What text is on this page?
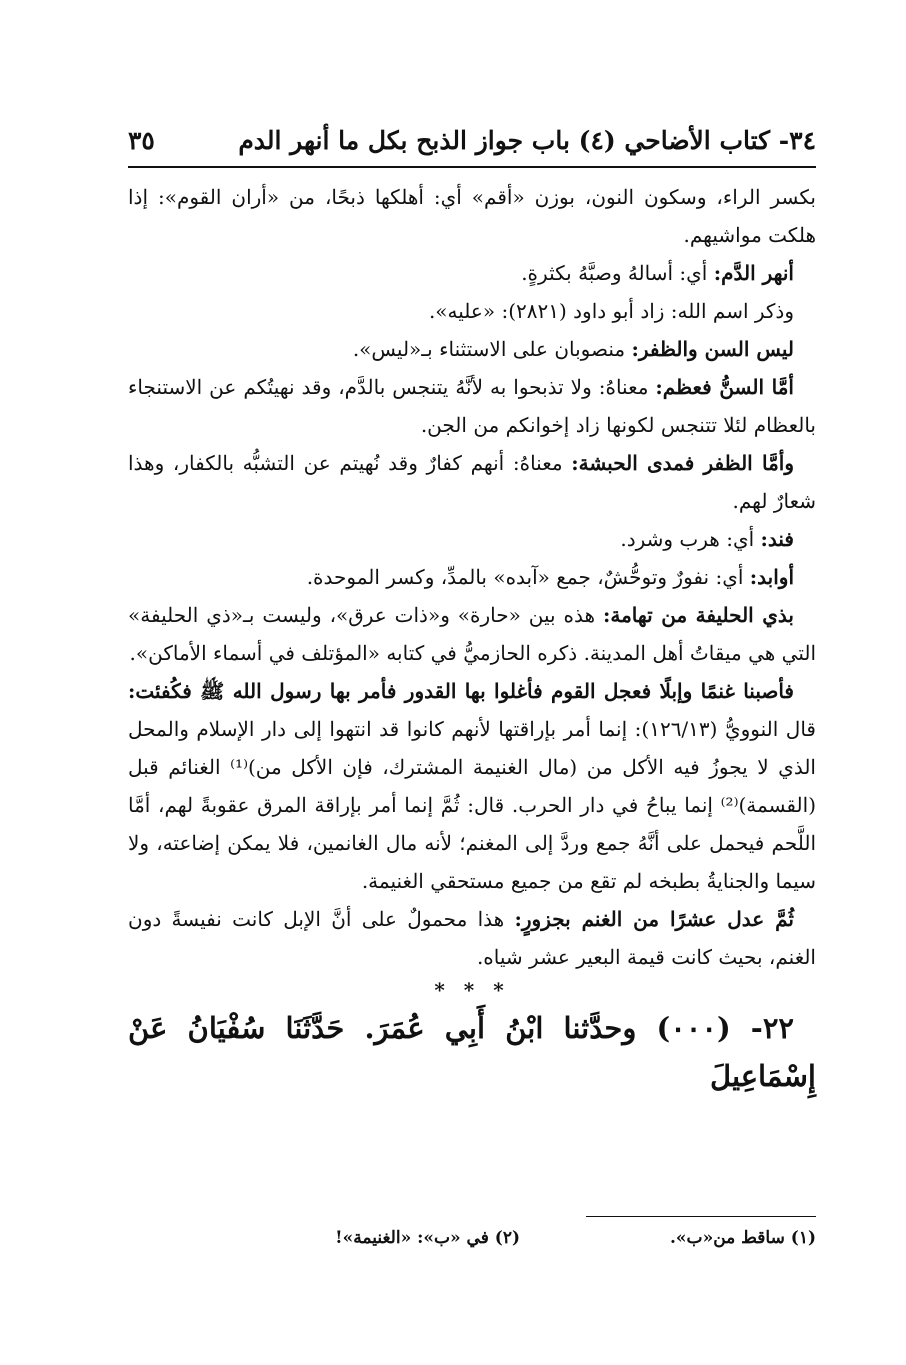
٣٤- كتاب الأضاحي (٤) باب جواز الذبح بكل ما أنهر الدم
٣٥

بكسر الراء، وسكون النون، بوزن «أقم» أي: أهلكها ذبحًا، من «أران القوم»: إذا هلكت مواشيهم.

أنهر الدَّم: أي: أسالهُ وصبَّهُ بكثرةٍ.

وذكر اسم الله: زاد أبو داود (٢٨٢١): «عليه».

ليس السن والظفر: منصوبان على الاستثناء بـ«ليس».

أمَّا السنُّ فعظم: معناهُ: ولا تذبحوا به لأنَّهُ يتنجس بالدَّم، وقد نهيتُكم عن الاستنجاء بالعظام لئلا تتنجس لكونها زاد إخوانكم من الجن.

وأمَّا الظفر فمدى الحبشة: معناهُ: أنهم كفارٌ وقد نُهيتم عن التشبُّه بالكفار، وهذا شعارٌ لهم.

فند: أي: هرب وشرد.

أوابد: أي: نفورٌ وتوحُّشٌ، جمع «آبده» بالمدِّ، وكسر الموحدة.

بذي الحليفة من تهامة: هذه بين «حارة» و«ذات عرق»، وليست بـ«ذي الحليفة» التي هي ميقاتُ أهل المدينة. ذكره الحازميُّ في كتابه «المؤتلف في أسماء الأماكن».

فأصبنا غنمًا وإبلًا فعجل القوم فأغلوا بها القدور فأمر بها رسول الله ﷺ فكُفئت: قال النوويُّ (١٢٦/١٣): إنما أمر بإراقتها لأنهم كانوا قد انتهوا إلى دار الإسلام والمحل الذي لا يجوزُ فيه الأكل من (مال الغنيمة المشترك، فإن الأكل من)⁽¹⁾ الغنائم قبل (القسمة)⁽²⁾ إنما يباحُ في دار الحرب. قال: ثُمَّ إنما أمر بإراقة المرق عقوبةً لهم، أمَّا اللَّحم فيحمل على أنَّهُ جمع وردَّ إلى المغنم؛ لأنه مال الغانمين، فلا يمكن إضاعته، ولا سيما والجنايةُ بطبخه لم تقع من جميع مستحقي الغنيمة.

ثُمَّ عدل عشرًا من الغنم بجزورٍ: هذا محمولٌ على أنَّ الإبل كانت نفيسةً دون الغنم، بحيث كانت قيمة البعير عشر شياه.

* * *

٢٢- (٠٠٠) وحدَّثنا ابْنُ أَبِي عُمَرَ. حَدَّثَنَا سُفْيَانُ عَنْ إِسْمَاعِيلَ

(١) ساقط من«ب».
(٢) في «ب»: «الغنيمة»!
